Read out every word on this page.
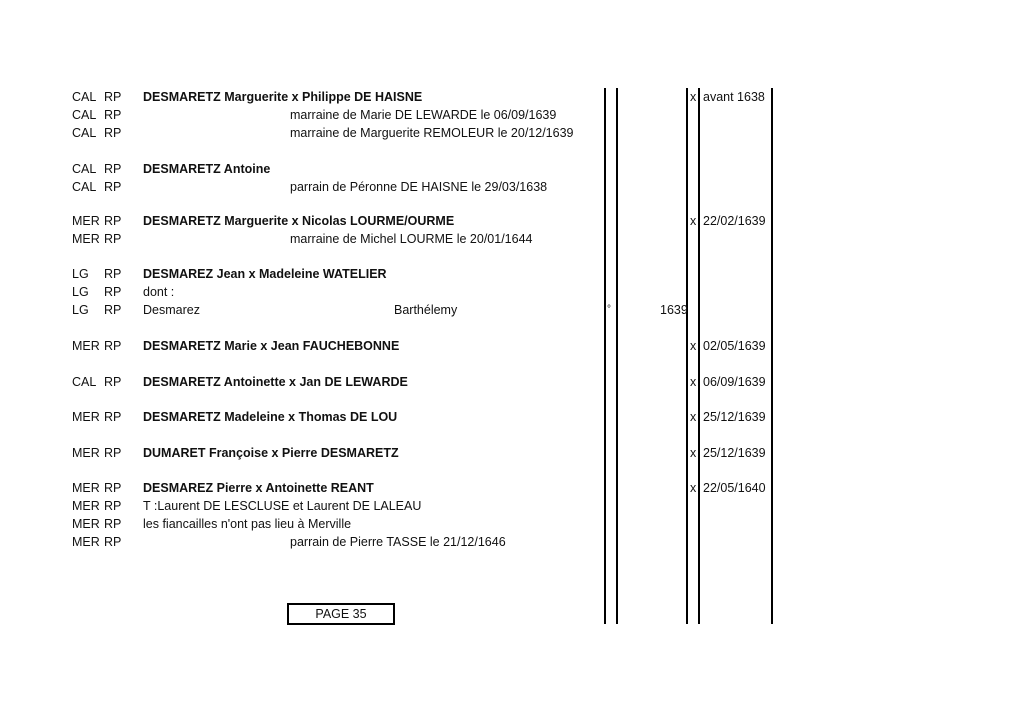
CAL RP DESMARETZ Marguerite x Philippe DE HAISNE	x avant 1638
CAL RP	marraine de Marie DE LEWARDE le 06/09/1639
CAL RP	marraine de Marguerite REMOLEUR le 20/12/1639
CAL RP DESMARETZ Antoine
CAL RP	parrain de Péronne DE HAISNE le 29/03/1638
MER RP DESMARETZ Marguerite x Nicolas LOURME/OURME	x 22/02/1639
MER RP	marraine de Michel LOURME le 20/01/1644
LG RP DESMAREZ Jean x Madeleine WATELIER
LG RP dont :
LG RP Desmarez	Barthélemy	°	1639
MER RP DESMARETZ Marie x Jean FAUCHEBONNE	x 02/05/1639
CAL RP DESMARETZ Antoinette x Jan DE LEWARDE	x 06/09/1639
MER RP DESMARETZ Madeleine x Thomas DE LOU	x 25/12/1639
MER RP DUMARET Françoise x Pierre DESMARETZ	x 25/12/1639
MER RP DESMAREZ Pierre x Antoinette REANT	x 22/05/1640
MER RP T :Laurent DE LESCLUSE et Laurent DE LALEAU
MER RP les fiancailles n'ont pas lieu à Merville
MER RP	parrain de Pierre TASSE le 21/12/1646
PAGE 35
